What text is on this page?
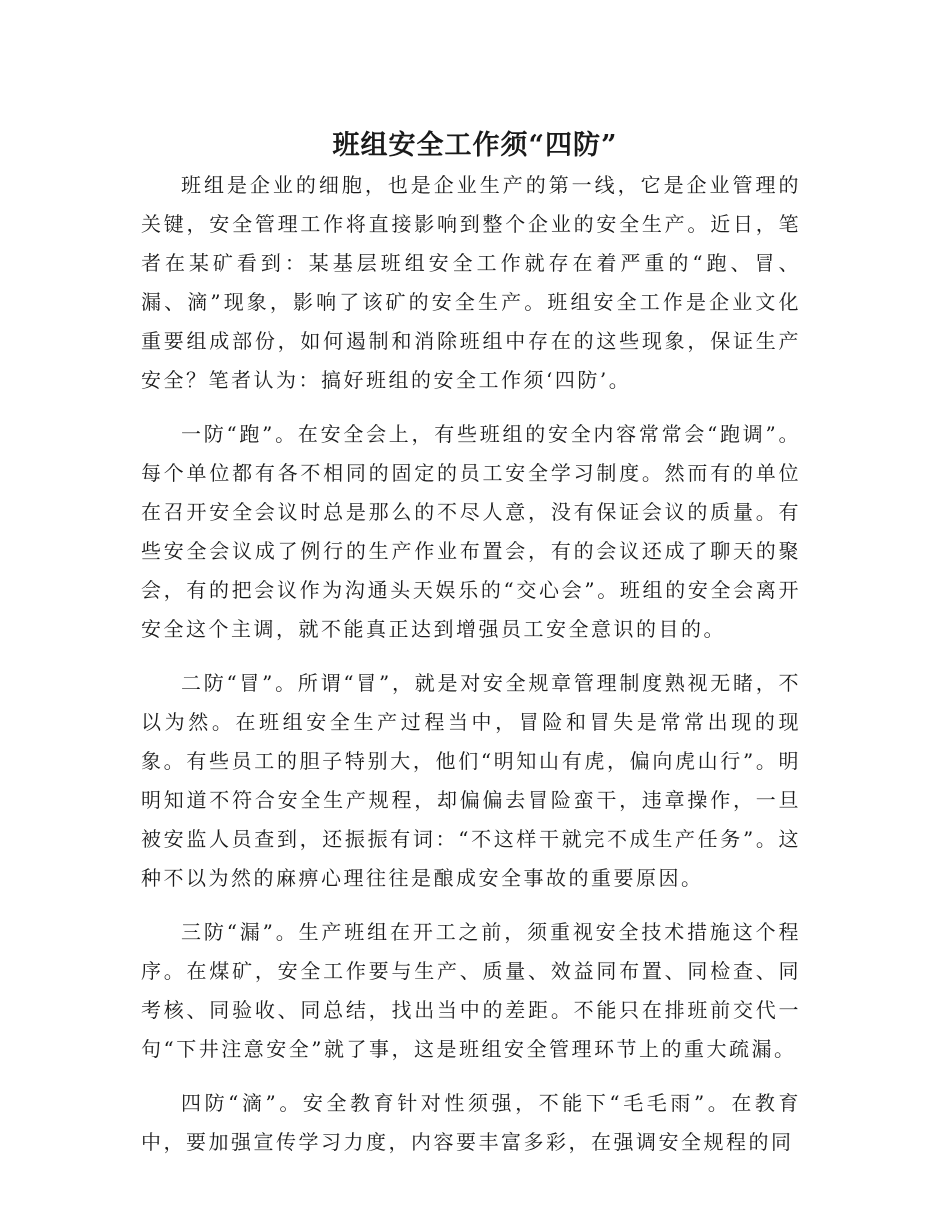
班组安全工作须“四防”

班组是企业的细胞，也是企业生产的第一线，它是企业管理的关键，安全管理工作将直接影响到整个企业的安全生产。近日，笔者在某矿看到：某基层班组安全工作就存在着严重的“跑、冒、漏、滴”现象，影响了该矿的安全生产。班组安全工作是企业文化重要组成部份，如何遏制和消除班组中存在的这些现象，保证生产安全？笔者认为：搞好班组的安全工作须‘四防’。

一防“跑”。在安全会上，有些班组的安全内容常常会“跑调”。每个单位都有各不相同的固定的员工安全学习制度。然而有的单位在召开安全会议时总是那么的不尽人意，没有保证会议的质量。有些安全会议成了例行的生产作业布置会，有的会议还成了聊天的聚会，有的把会议作为沟通头天娱乐的“交心会”。班组的安全会离开安全这个主调，就不能真正达到增强员工安全意识的目的。

二防“冒”。所谓“冒”，就是对安全规章管理制度熟视无睹，不以为然。在班组安全生产过程当中，冒险和冒失是常常出现的现象。有些员工的胆子特别大，他们“明知山有虎，偏向虎山行”。明明知道不符合安全生产规程，却偏偏去冒险蛮干，违章操作，一旦被安监人员查到，还振振有词：“不这样干就完不成生产任务”。这种不以为然的麻痹心理往往是酿成安全事故的重要原因。

三防“漏”。生产班组在开工之前，须重视安全技术措施这个程序。在煤矿，安全工作要与生产、质量、效益同布置、同检查、同考核、同验收、同总结，找出当中的差距。不能只在排班前交代一句“下井注意安全”就了事，这是班组安全管理环节上的重大疏漏。

四防“滴”。安全教育针对性须强，不能下“毛毛雨”。在教育中，要加强宣传学习力度，内容要丰富多彩，在强调安全规程的同
